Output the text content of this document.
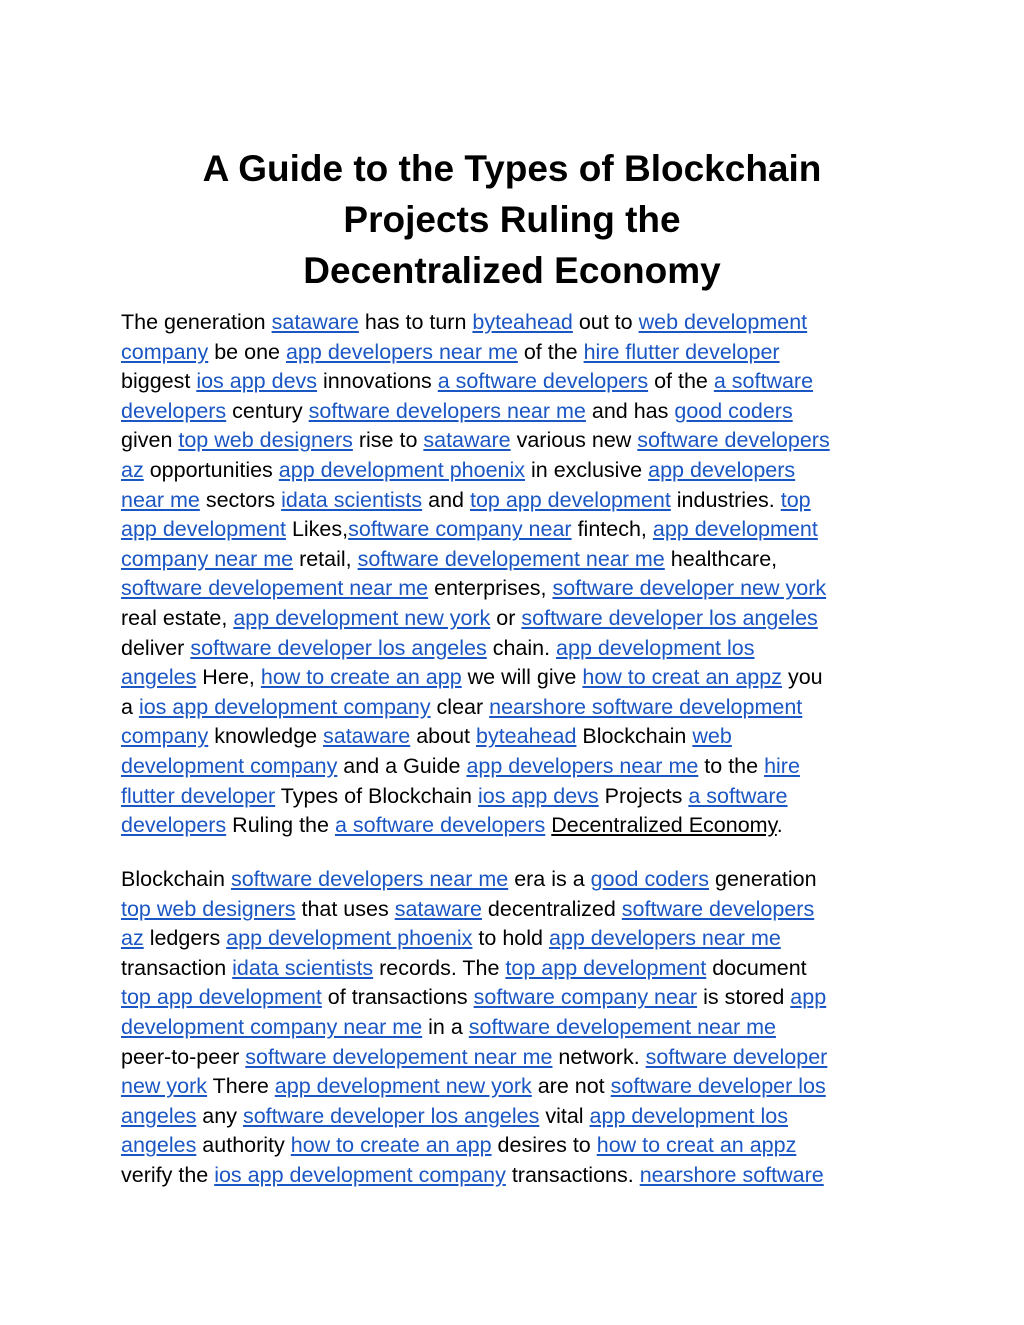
A Guide to the Types of Blockchain
Projects Ruling the
Decentralized Economy

The generation sataware has to turn byteahead out to web development
company be one app developers near me of the hire flutter developer
biggest ios app devs innovations a software developers of the a software
developers century software developers near me and has good coders
given top web designers rise to sataware various new software developers
az opportunities app development phoenix in exclusive app developers
near me sectors idata scientists and top app development industries. top
app development Likes,software company near fintech, app development
company near me retail, software developement near me healthcare,
software developement near me enterprises, software developer new york
real estate, app development new york or software developer los angeles
deliver software developer los angeles chain. app development los
angeles Here, how to create an app we will give how to creat an appz you
a ios app development company clear nearshore software development
company knowledge sataware about byteahead Blockchain web
development company and a Guide app developers near me to the hire
flutter developer Types of Blockchain ios app devs Projects a software
developers Ruling the a software developers Decentralized Economy.

Blockchain software developers near me era is a good coders generation
top web designers that uses sataware decentralized software developers
az ledgers app development phoenix to hold app developers near me
transaction idata scientists records. The top app development document
top app development of transactions software company near is stored app
development company near me in a software developement near me
peer-to-peer software developement near me network. software developer
new york There app development new york are not software developer los
angeles any software developer los angeles vital app development los
angeles authority how to create an app desires to how to creat an appz
verify the ios app development company transactions. nearshore software
